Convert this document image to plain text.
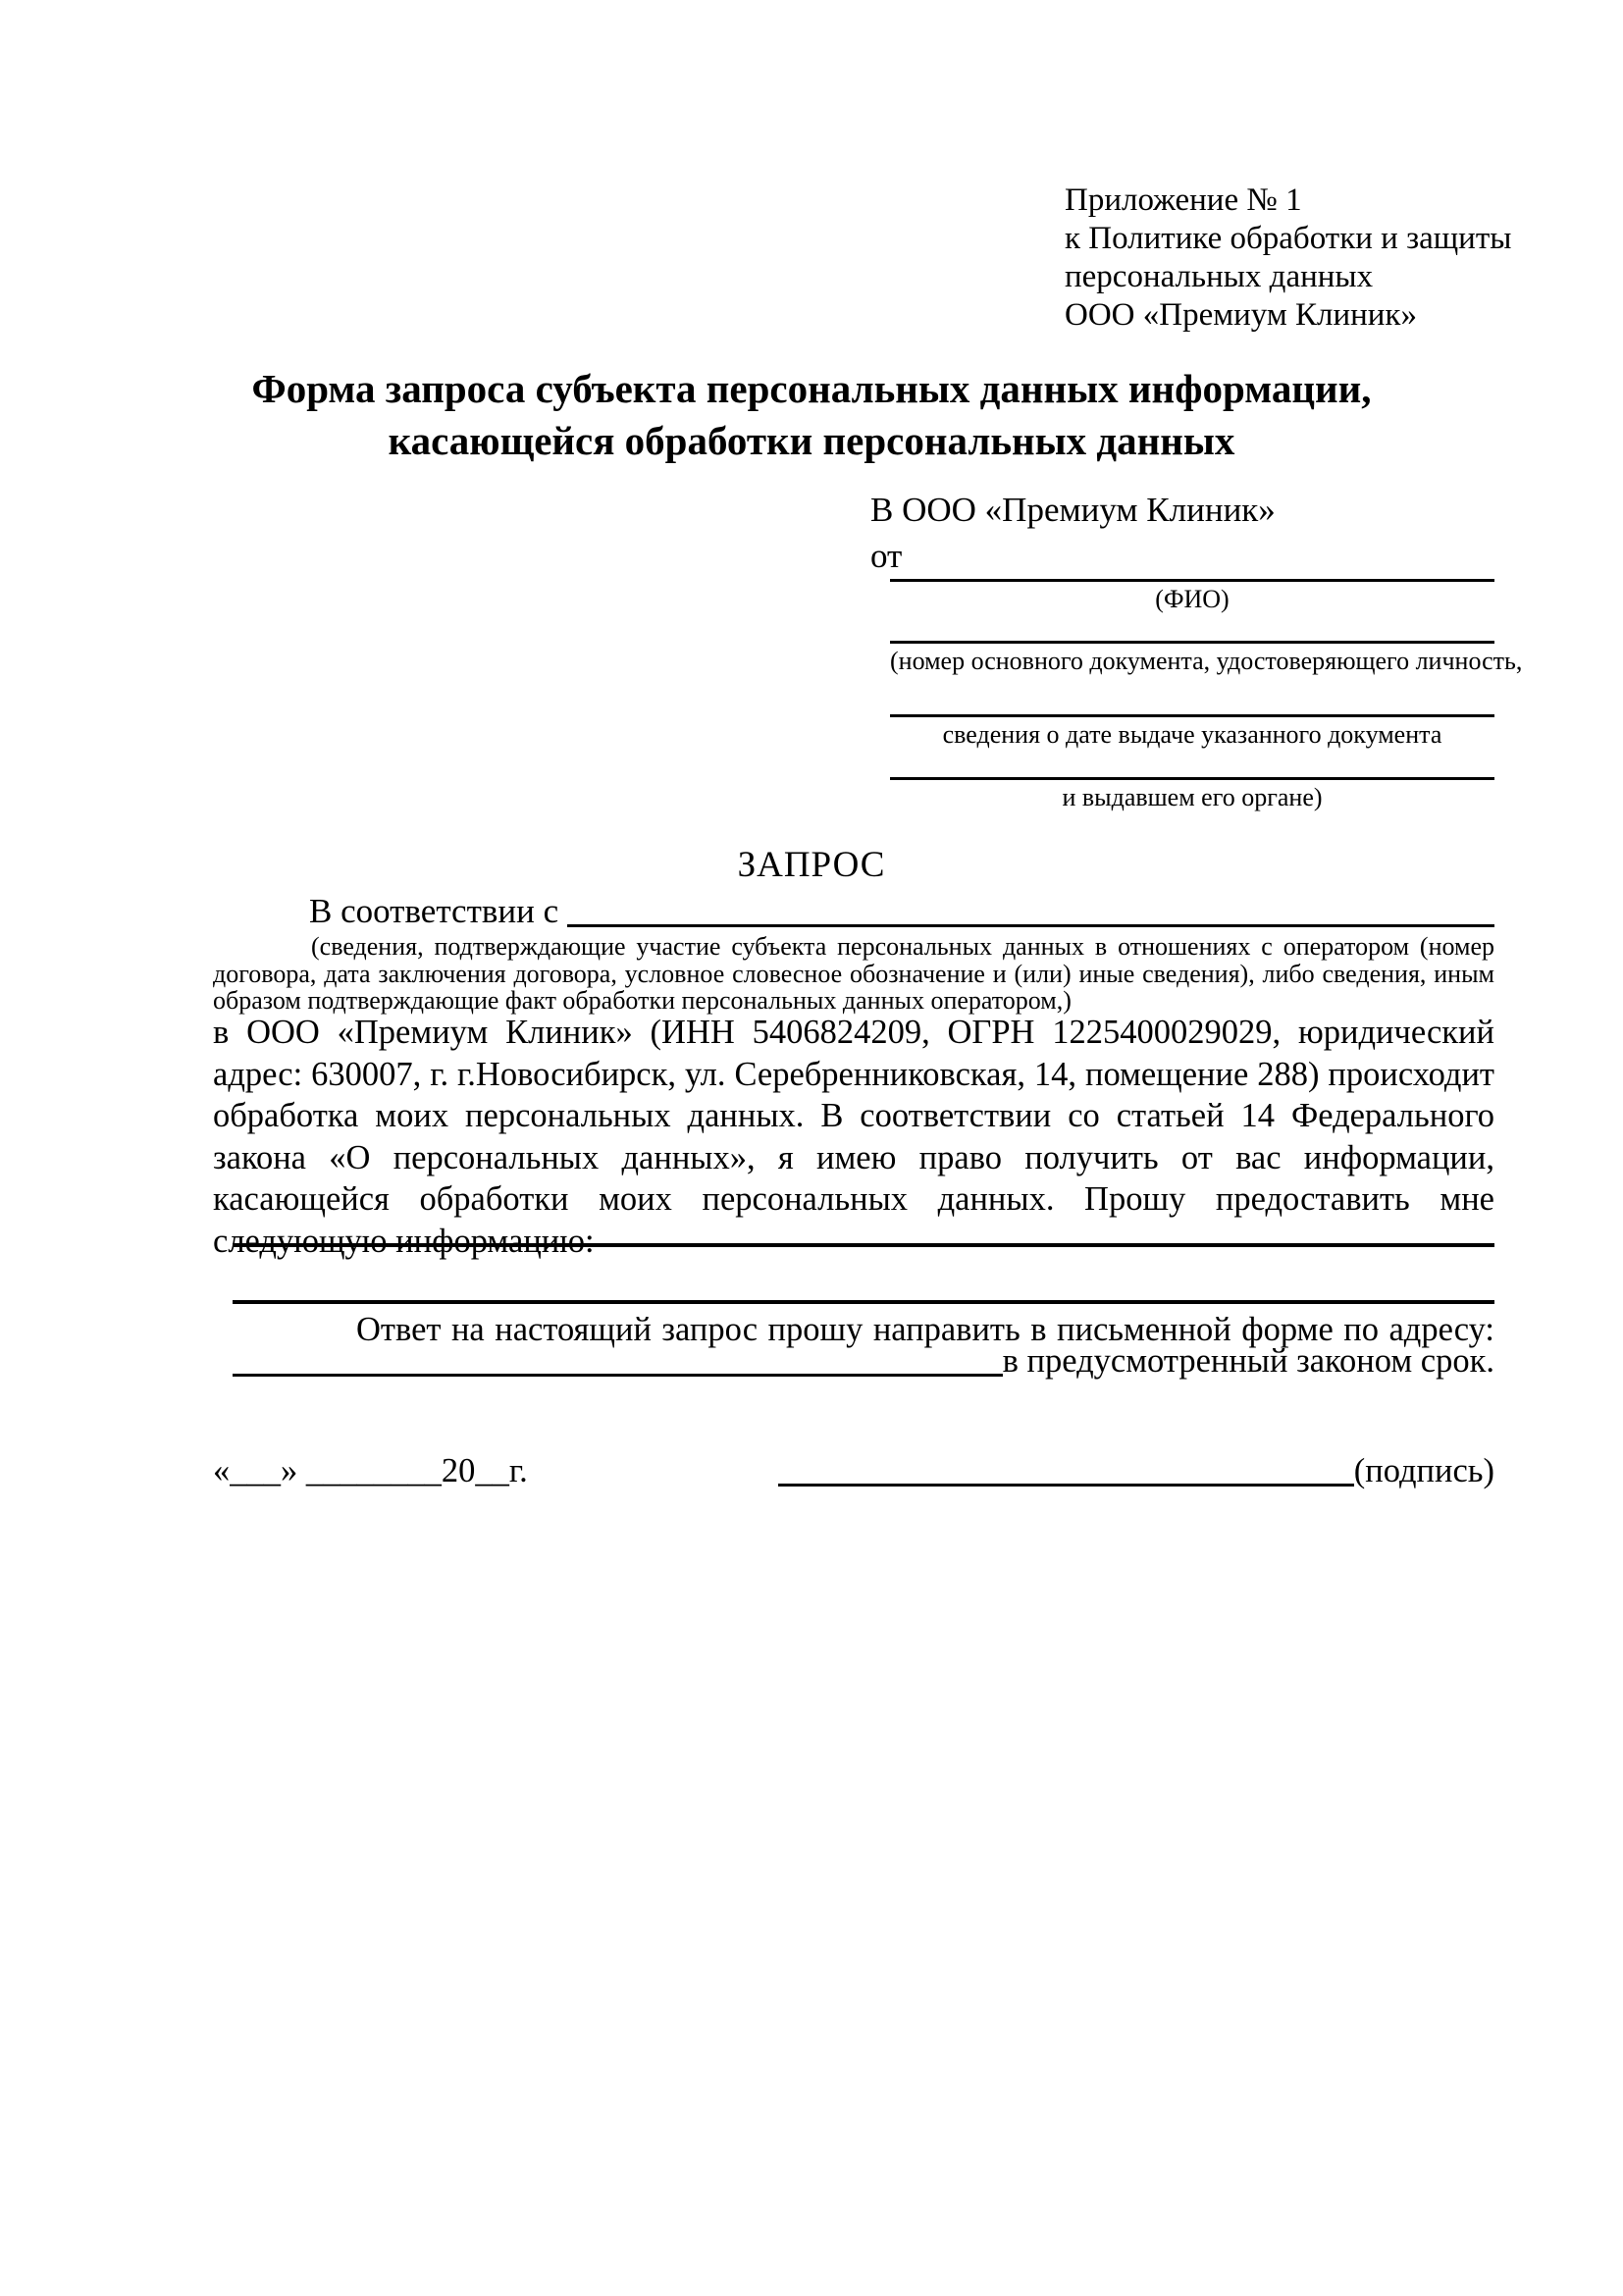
Приложение № 1
к Политике обработки и защиты
персональных данных
ООО «Премиум Клиник»
Форма запроса субъекта персональных данных информации,
касающейся обработки персональных данных
В ООО «Премиум Клиник»
от
(ФИО)
(номер основного документа, удостоверяющего личность,
сведения о дате выдаче указанного документа
и выдавшем его органе)
ЗАПРОС
В соответствии с

(сведения, подтверждающие участие субъекта персональных данных в отношениях с оператором (номер договора, дата заключения договора, условное словесное обозначение и (или) иные сведения), либо сведения, иным образом подтверждающие факт обработки персональных данных оператором,)
в ООО «Премиум Клиник» (ИНН 5406824209, ОГРН 1225400029029, юридический адрес: 630007, г. г.Новосибирск, ул. Серебренниковская, 14, помещение 288) происходит обработка моих персональных данных. В соответствии со статьей 14 Федерального закона «О персональных данных», я имею право получить от вас информации, касающейся обработки моих персональных данных. Прошу предоставить мне следующую информацию:
Ответ на настоящий запрос прошу направить в письменной форме по адресу:
в предусмотренный законом срок.
«___» ________20__г.	(подпись)
